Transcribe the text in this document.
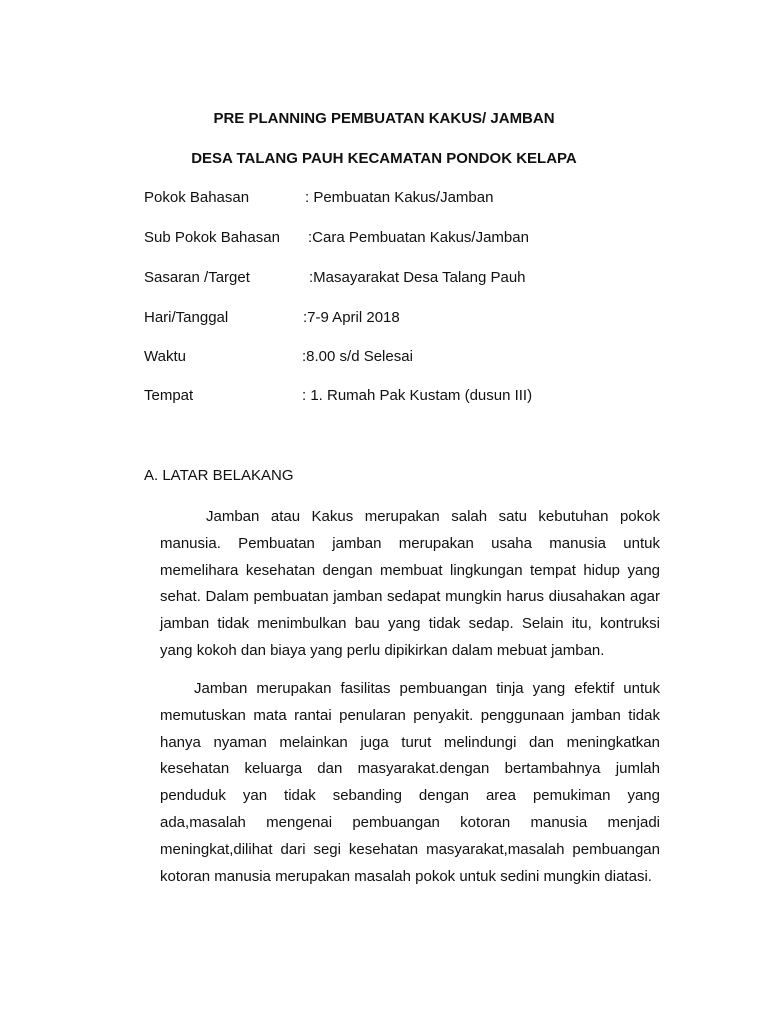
PRE PLANNING PEMBUATAN KAKUS/ JAMBAN
DESA TALANG PAUH KECAMATAN PONDOK KELAPA
Pokok Bahasan	: Pembuatan Kakus/Jamban
Sub Pokok Bahasan :Cara Pembuatan Kakus/Jamban
Sasaran /Target	:Masayarakat Desa Talang Pauh
Hari/Tanggal	:7-9 April 2018
Waktu	:8.00 s/d Selesai
Tempat	: 1. Rumah Pak Kustam (dusun III)
A. LATAR BELAKANG

Jamban atau Kakus merupakan salah satu kebutuhan pokok manusia. Pembuatan jamban merupakan usaha manusia untuk memelihara kesehatan dengan membuat lingkungan tempat hidup yang sehat. Dalam pembuatan jamban sedapat mungkin harus diusahakan agar jamban tidak menimbulkan bau yang tidak sedap. Selain itu, kontruksi yang kokoh dan biaya yang perlu dipikirkan dalam mebuat jamban.

Jamban merupakan fasilitas pembuangan tinja yang efektif untuk memutuskan mata rantai penularan penyakit. penggunaan jamban tidak hanya nyaman melainkan juga turut melindungi dan meningkatkan kesehatan keluarga dan masyarakat.dengan bertambahnya jumlah penduduk yan tidak sebanding dengan area pemukiman yang ada,masalah mengenai pembuangan kotoran manusia menjadi meningkat,dilihat dari segi kesehatan masyarakat,masalah pembuangan kotoran manusia merupakan masalah pokok untuk sedini mungkin diatasi.
